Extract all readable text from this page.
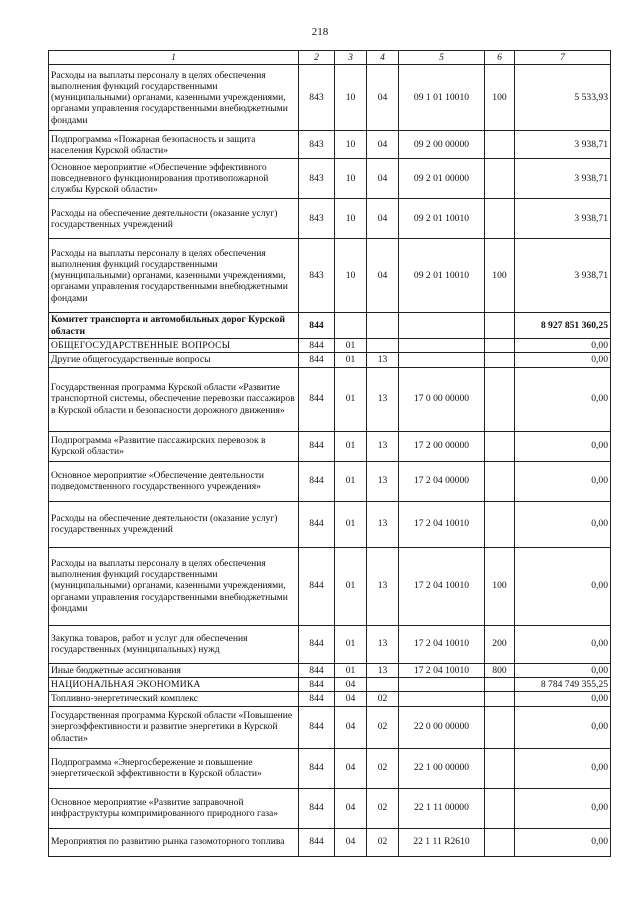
218
1	2	3	4	5	6	7
Расходы на выплаты персоналу в целях обеспечения выполнения функций государственными (муниципальными) органами, казенными учреждениями, органами управления государственными внебюджетными фондами	843	10	04	09 1 01 10010	100	5 533,93
Подпрограмма «Пожарная безопасность и защита населения Курской области»	843	10	04	09 2 00 00000		3 938,71
Основное мероприятие «Обеспечение эффективного повседневного функционирования противопожарной службы Курской области»	843	10	04	09 2 01 00000		3 938,71
Расходы на обеспечение деятельности (оказание услуг) государственных учреждений	843	10	04	09 2 01 10010		3 938,71
Расходы на выплаты персоналу в целях обеспечения выполнения функций государственными (муниципальными) органами, казенными учреждениями, органами управления государственными внебюджетными фондами	843	10	04	09 2 01 10010	100	3 938,71
Комитет транспорта и автомобильных дорог Курской области	844					8 927 851 360,25
ОБЩЕГОСУДАРСТВЕННЫЕ ВОПРОСЫ	844	01				0,00
Другие общегосударственные вопросы	844	01	13			0,00
Государственная программа Курской области «Развитие транспортной системы, обеспечение перевозки пассажиров в Курской области и безопасности дорожного движения»	844	01	13	17 0 00 00000		0,00
Подпрограмма «Развитие пассажирских перевозок в Курской области»	844	01	13	17 2 00 00000		0,00
Основное мероприятие «Обеспечение деятельности подведомственного государственного учреждения»	844	01	13	17 2 04 00000		0,00
Расходы на обеспечение деятельности (оказание услуг) государственных учреждений	844	01	13	17 2 04 10010		0,00
Расходы на выплаты персоналу в целях обеспечения выполнения функций государственными (муниципальными) органами, казенными учреждениями, органами управления государственными внебюджетными фондами	844	01	13	17 2 04 10010	100	0,00
Закупка товаров, работ и услуг для обеспечения государственных (муниципальных) нужд	844	01	13	17 2 04 10010	200	0,00
Иные бюджетные ассигнования	844	01	13	17 2 04 10010	800	0,00
НАЦИОНАЛЬНАЯ ЭКОНОМИКА	844	04				8 784 749 355,25
Топливно-энергетический комплекс	844	04	02			0,00
Государственная программа Курской области «Повышение энергоэффективности и развитие энергетики в Курской области»	844	04	02	22 0 00 00000		0,00
Подпрограмма «Энергосбережение и повышение энергетической эффективности в Курской области»	844	04	02	22 1 00 00000		0,00
Основное мероприятие «Развитие заправочной инфраструктуры компримированного природного газа»	844	04	02	22 1 11 00000		0,00
Мероприятия по развитию рынка газомоторного топлива	844	04	02	22 1 11 R2610		0,00
